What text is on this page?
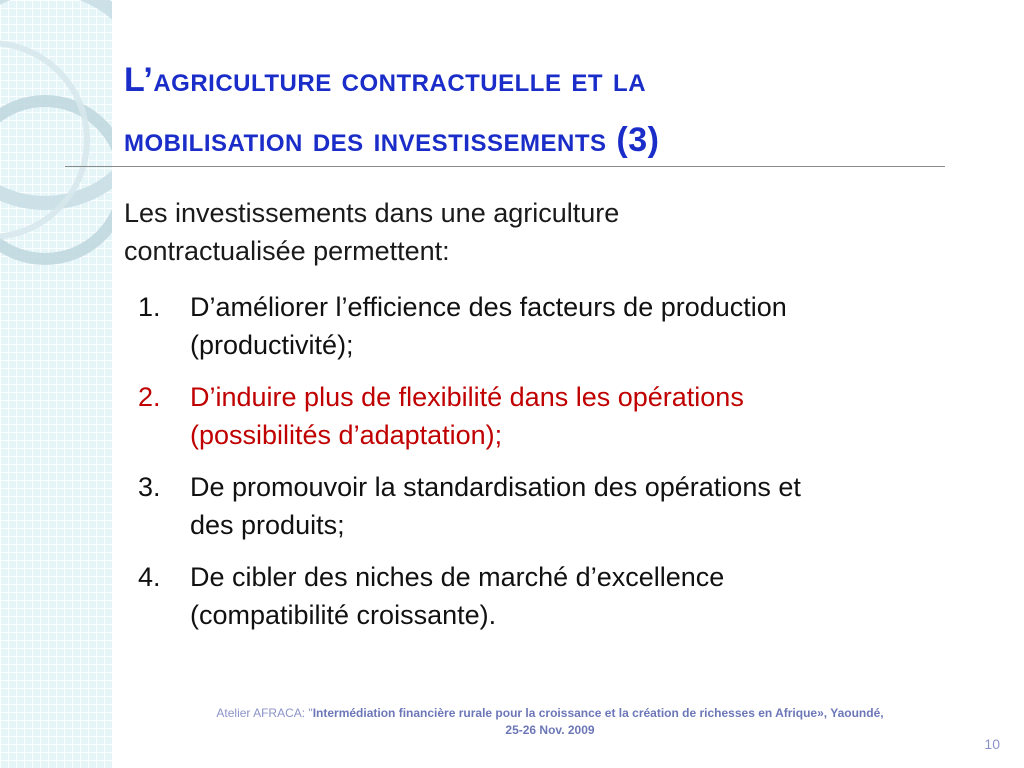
L’agriculture contractuelle et la
mobilisation des investissements (3)

Les investissements dans une agriculture
contractualisée permettent:

1. D’améliorer l’efficience des facteurs de production
(productivité);
2. D’induire plus de flexibilité dans les opérations
(possibilités d’adaptation);
3. De promouvoir la standardisation des opérations et
des produits;
4. De cibler des niches de marché d’excellence
(compatibilité croissante).
Atelier AFRACA: "Intermédiation financière rurale pour la croissance et la création de richesses en Afrique», Yaoundé,
25-26 Nov. 2009
10
